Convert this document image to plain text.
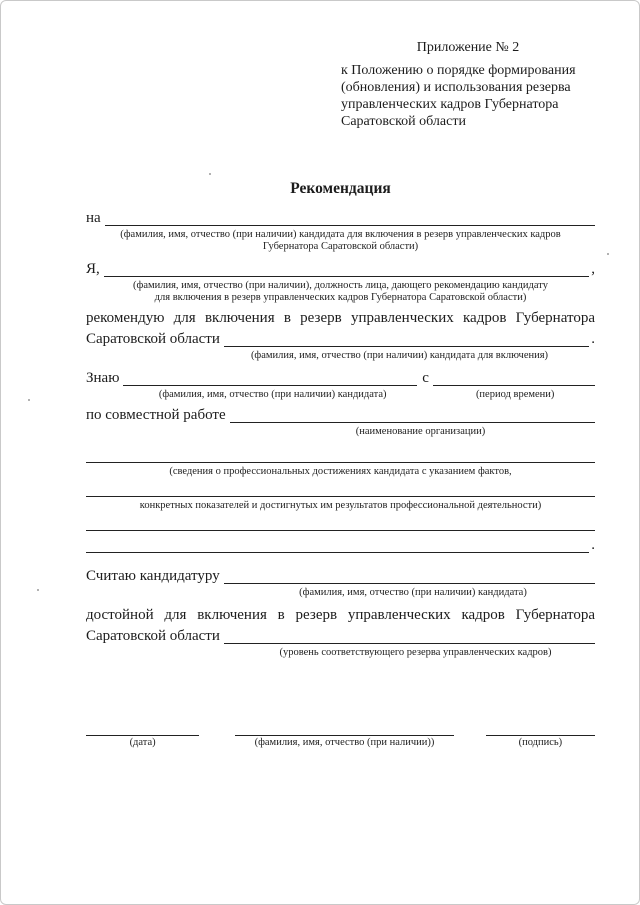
Приложение № 2
к Положению о порядке формирования
(обновления) и использования резерва
управленческих кадров Губернатора
Саратовской области
Рекомендация
на
(фамилия, имя, отчество (при наличии) кандидата для включения в резерв управленческих кадров
Губернатора Саратовской области)
Я,	,
(фамилия, имя, отчество (при наличии), должность лица, дающего рекомендацию кандидату
для включения в резерв управленческих кадров Губернатора Саратовской области)
рекомендую для включения в резерв управленческих кадров Губернатора
Саратовской области	.
(фамилия, имя, отчество (при наличии) кандидата для включения)
Знаю	с
(фамилия, имя, отчество (при наличии) кандидата)	(период времени)
по совместной работе
(наименование организации)
(сведения о профессиональных достижениях кандидата с указанием фактов,
конкретных показателей и достигнутых им результатов профессиональной деятельности)
.
Считаю кандидатуру
(фамилия, имя, отчество (при наличии) кандидата)
достойной для включения в резерв управленческих кадров Губернатора
Саратовской области
(уровень соответствующего резерва управленческих кадров)
(дата)	(фамилия, имя, отчество (при наличии))	(подпись)
